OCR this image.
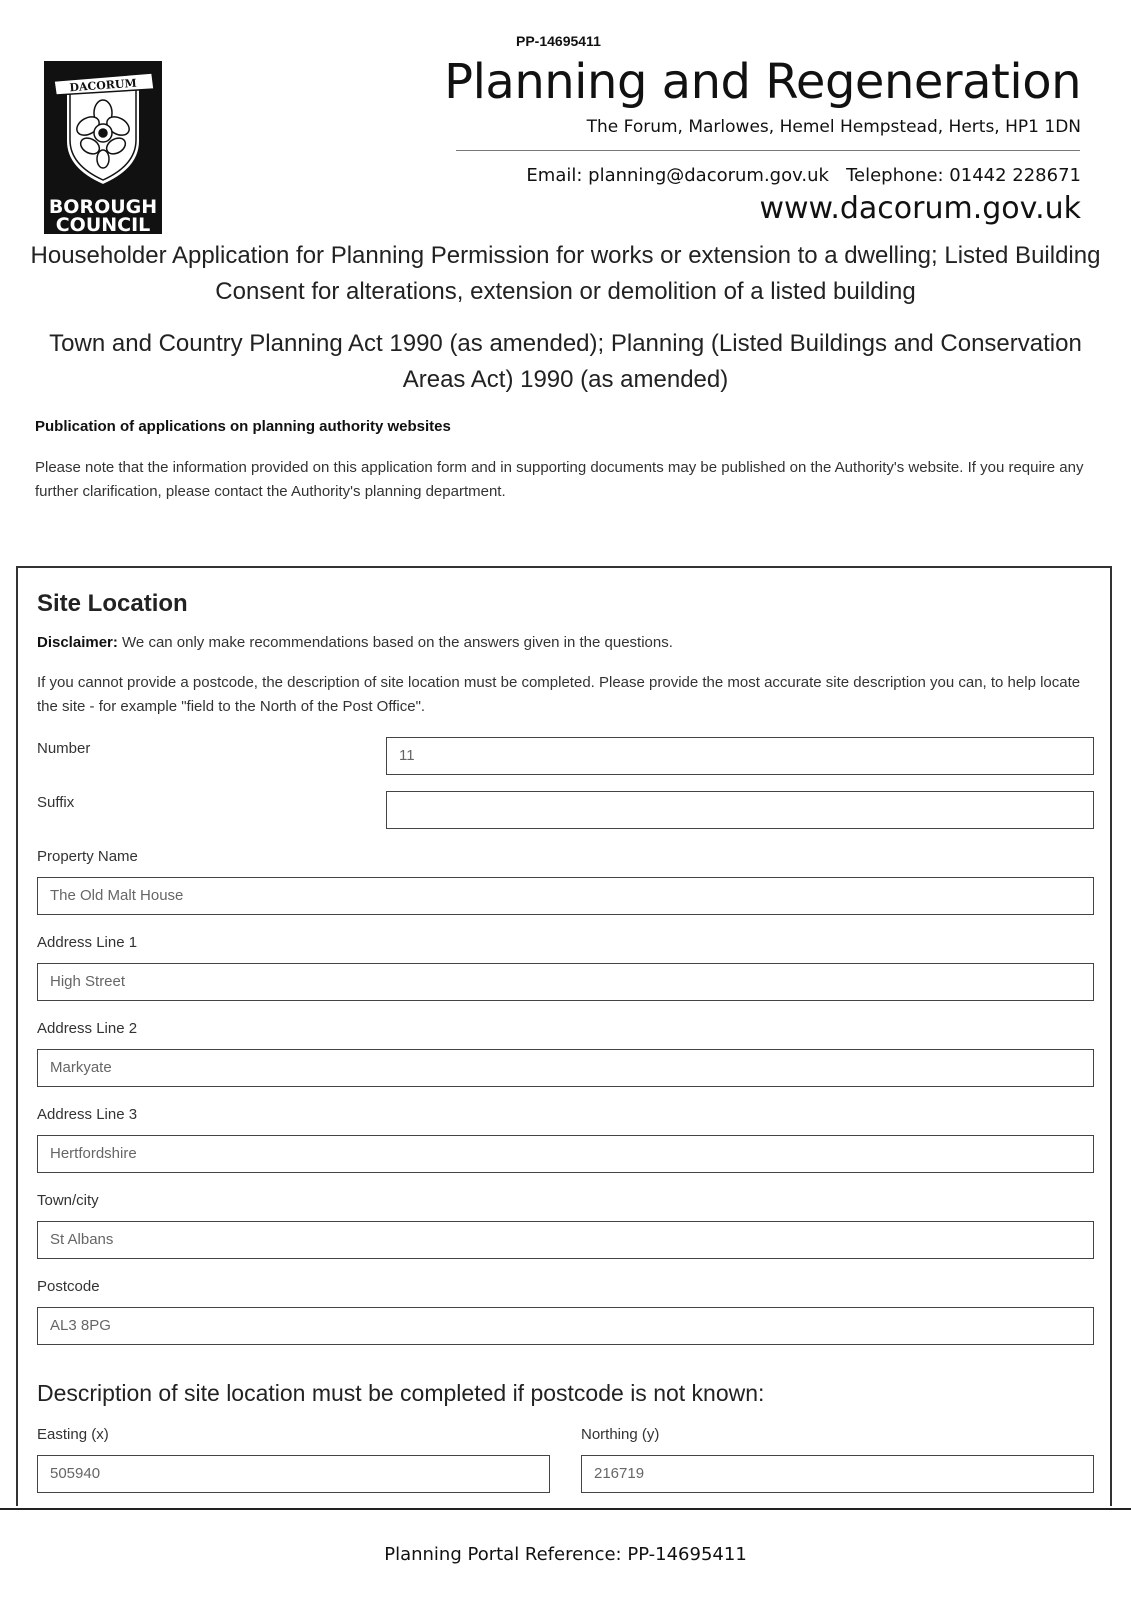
PP-14695411
DACORUM
BOROUGH
COUNCIL
Planning and Regeneration
The Forum, Marlowes, Hemel Hempstead, Herts, HP1 1DN
Email: planning@dacorum.gov.uk   Telephone: 01442 228671
www.dacorum.gov.uk
Householder Application for Planning Permission for works or extension to a dwelling; Listed Building Consent for alterations, extension or demolition of a listed building
Town and Country Planning Act 1990 (as amended); Planning (Listed Buildings and Conservation Areas Act) 1990 (as amended)
Publication of applications on planning authority websites
Please note that the information provided on this application form and in supporting documents may be published on the Authority's website. If you require any further clarification, please contact the Authority's planning department.
Site Location
Disclaimer: We can only make recommendations based on the answers given in the questions.
If you cannot provide a postcode, the description of site location must be completed. Please provide the most accurate site description you can, to help locate the site - for example "field to the North of the Post Office".
Number	11
Suffix
Property Name
The Old Malt House
Address Line 1
High Street
Address Line 2
Markyate
Address Line 3
Hertfordshire
Town/city
St Albans
Postcode
AL3 8PG
Description of site location must be completed if postcode is not known:
Easting (x)
505940
Northing (y)
216719
Planning Portal Reference: PP-14695411
